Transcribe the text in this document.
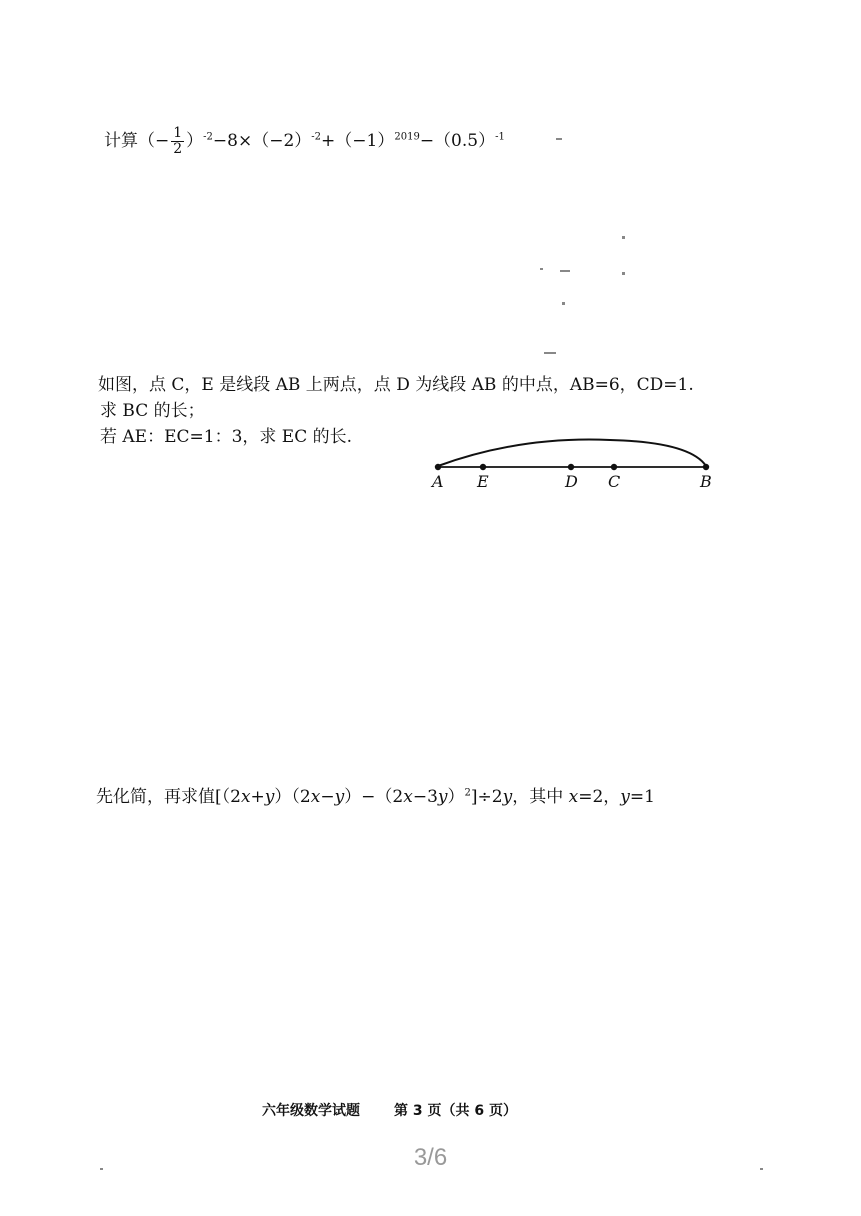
计算（− $\frac{1}{2} )^{-2}-8\times(-2)^{-2}+(-1)^{2019}-(0.5)^{-1}$
如图，点 C，E 是线段 AB 上两点，点 D 为线段 AB 的中点，AB=6，CD=1.
求 BC 的长；
若 AE：EC=1：3，求 EC 的长.
A E	D C	B
先化简，再求值$[(2x+y)(2x-y)-(2x-3y)^2]\div 2y$，其中 x=2，y=1
六年级数学试题 第 3 页（共 6 页）
3/6
